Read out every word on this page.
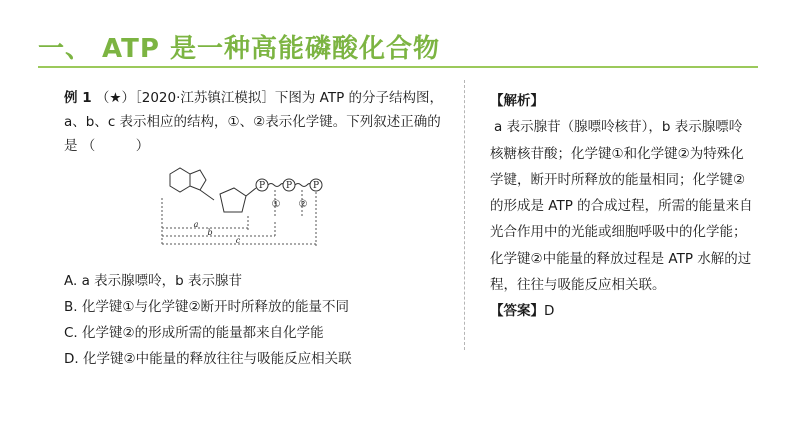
一、 ATP 是一种高能磷酸化合物
例 1 （★）［2020·江苏镇江模拟］下图为 ATP 的分子结构图，a、b、c 表示相应的结构，①、②表示化学键。下列叙述正确的是 （　　　）
P P P
① ②
a
b
c
A. a 表示腺嘌呤，b 表示腺苷
B. 化学键①与化学键②断开时所释放的能量不同
C. 化学键②的形成所需的能量都来自化学能
D. 化学键②中能量的释放往往与吸能反应相关联
【解析】
a 表示腺苷（腺嘌呤核苷），b 表示腺嘌呤核糖核苷酸；化学键①和化学键②为特殊化学键，断开时所释放的能量相同；化学键②的形成是 ATP 的合成过程，所需的能量来自光合作用中的光能或细胞呼吸中的化学能；化学键②中能量的释放过程是 ATP 水解的过程，往往与吸能反应相关联。
【答案】D
